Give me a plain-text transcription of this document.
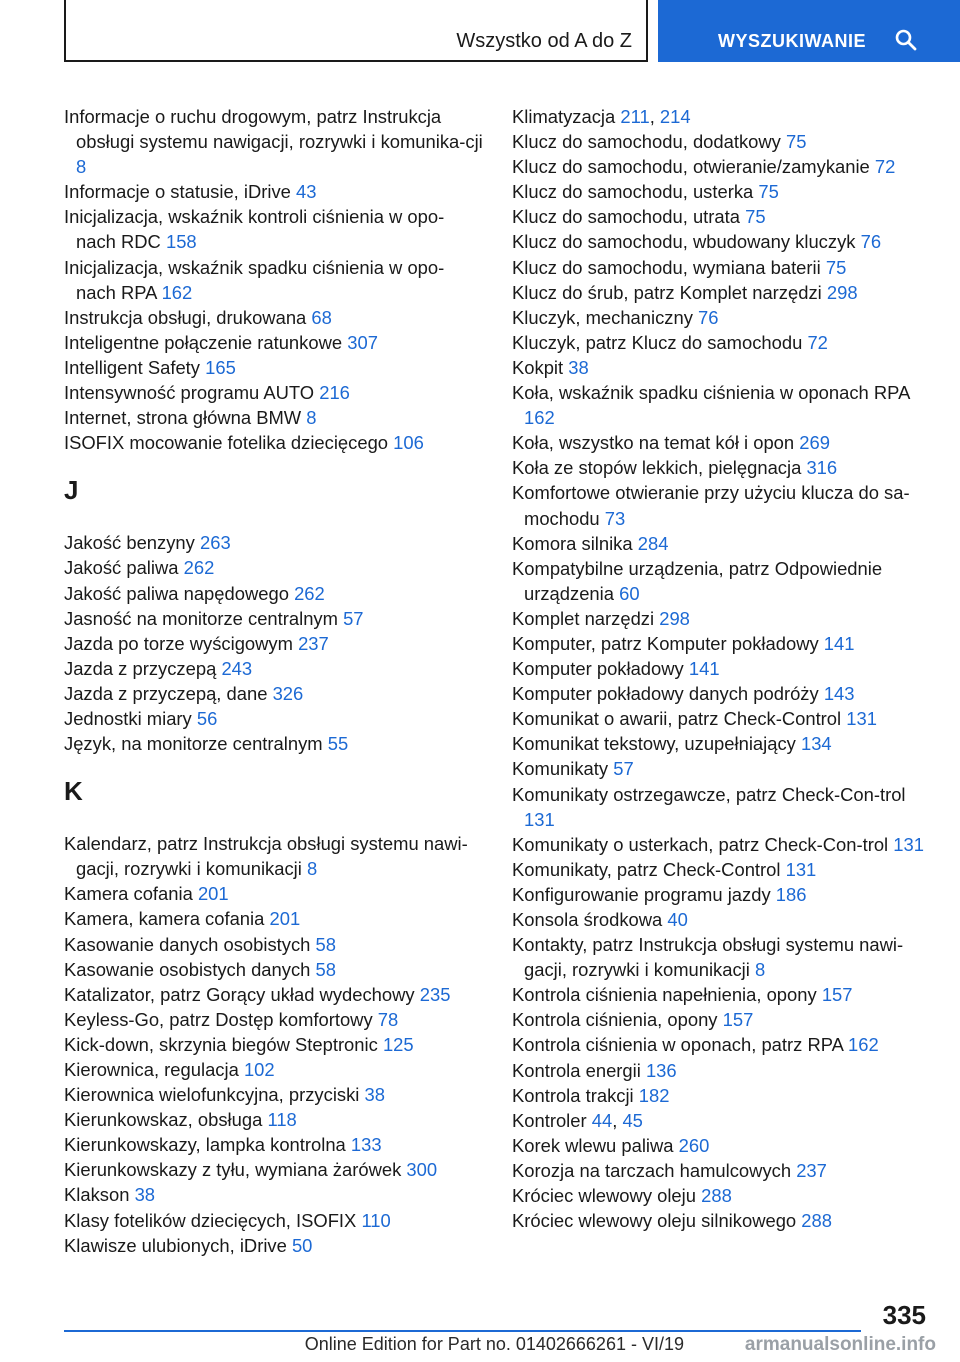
Wszystko od A do Z	WYSZUKIWANIE
Informacje o ruchu drogowym, patrz Instrukcja obsługi systemu nawigacji, rozrywki i komunika-cji 8
Informacje o statusie, iDrive 43
Inicjalizacja, wskaźnik kontroli ciśnienia w opo-nach RDC 158
Inicjalizacja, wskaźnik spadku ciśnienia w opo-nach RPA 162
Instrukcja obsługi, drukowana 68
Inteligentne połączenie ratunkowe 307
Intelligent Safety 165
Intensywność programu AUTO 216
Internet, strona główna BMW 8
ISOFIX mocowanie fotelika dziecięcego 106
J
Jakość benzyny 263
Jakość paliwa 262
Jakość paliwa napędowego 262
Jasność na monitorze centralnym 57
Jazda po torze wyścigowym 237
Jazda z przyczepą 243
Jazda z przyczepą, dane 326
Jednostki miary 56
Język, na monitorze centralnym 55
K
Kalendarz, patrz Instrukcja obsługi systemu nawi-gacji, rozrywki i komunikacji 8
Kamera cofania 201
Kamera, kamera cofania 201
Kasowanie danych osobistych 58
Kasowanie osobistych danych 58
Katalizator, patrz Gorący układ wydechowy 235
Keyless-Go, patrz Dostęp komfortowy 78
Kick-down, skrzynia biegów Steptronic 125
Kierownica, regulacja 102
Kierownica wielofunkcyjna, przyciski 38
Kierunkowskaz, obsługa 118
Kierunkowskazy, lampka kontrolna 133
Kierunkowskazy z tyłu, wymiana żarówek 300
Klakson 38
Klasy fotelików dziecięcych, ISOFIX 110
Klawisze ulubionych, iDrive 50
Klimatyzacja 211, 214
Klucz do samochodu, dodatkowy 75
Klucz do samochodu, otwieranie/zamykanie 72
Klucz do samochodu, usterka 75
Klucz do samochodu, utrata 75
Klucz do samochodu, wbudowany kluczyk 76
Klucz do samochodu, wymiana baterii 75
Klucz do śrub, patrz Komplet narzędzi 298
Kluczyk, mechaniczny 76
Kluczyk, patrz Klucz do samochodu 72
Kokpit 38
Koła, wskaźnik spadku ciśnienia w oponach RPA 162
Koła, wszystko na temat kół i opon 269
Koła ze stopów lekkich, pielęgnacja 316
Komfortowe otwieranie przy użyciu klucza do sa-mochodu 73
Komora silnika 284
Kompatybilne urządzenia, patrz Odpowiednie urządzenia 60
Komplet narzędzi 298
Komputer, patrz Komputer pokładowy 141
Komputer pokładowy 141
Komputer pokładowy danych podróży 143
Komunikat o awarii, patrz Check-Control 131
Komunikat tekstowy, uzupełniający 134
Komunikaty 57
Komunikaty ostrzegawcze, patrz Check-Con-trol 131
Komunikaty o usterkach, patrz Check-Con-trol 131
Komunikaty, patrz Check-Control 131
Konfigurowanie programu jazdy 186
Konsola środkowa 40
Kontakty, patrz Instrukcja obsługi systemu nawi-gacji, rozrywki i komunikacji 8
Kontrola ciśnienia napełnienia, opony 157
Kontrola ciśnienia, opony 157
Kontrola ciśnienia w oponach, patrz RPA 162
Kontrola energii 136
Kontrola trakcji 182
Kontroler 44, 45
Korek wlewu paliwa 260
Korozja na tarczach hamulcowych 237
Króciec wlewowy oleju 288
Króciec wlewowy oleju silnikowego 288
335
Online Edition for Part no. 01402666261 - VI/19	armanualsonline.info
